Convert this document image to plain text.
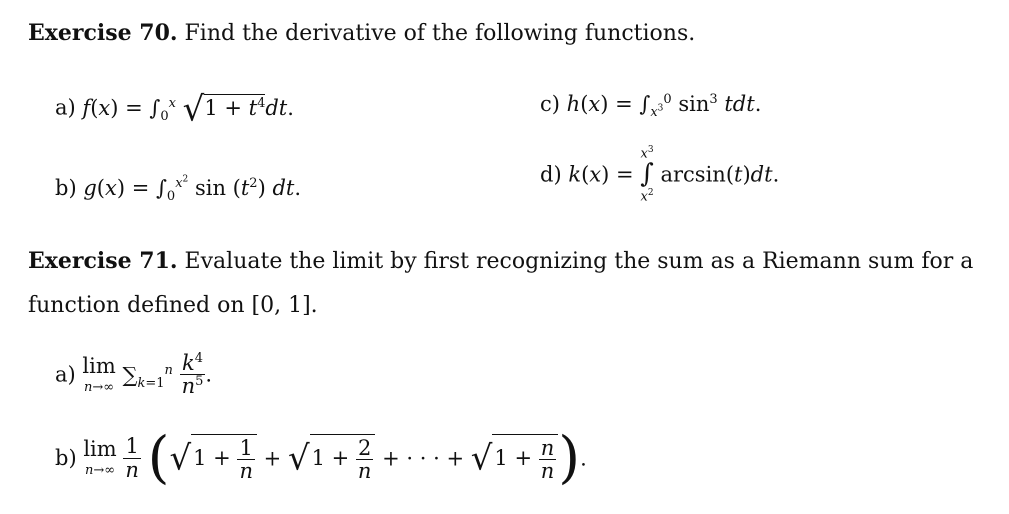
Exercise 70. Find the derivative of the following functions.
a) $f(x) = \int_0^x$ $√1 + t^4dt$.	c) $h(x) = \int_{x^3}^0$ $\sin^3$ tdt.
b) $g(x) = \int_0^{x^2}$ $\sin (t^2)$ dt.
d) k(x) =
$x^3$
∫
$x^2$
arcsin(t)dt.
Exercise 71. Evaluate the limit by first recognizing the sum as a Riemann sum for a
function defined on [0, 1].
a) lim
n→∞
$\sum_{k=1}^n \frac{k^4}{n^5}$ .
b) lim
n→∞
$\frac{1}{n} (√1 + \frac{1}{n} + √1 + \frac{2}{n}$ + · · · + $√1 + \frac{n}{n}$ ).
